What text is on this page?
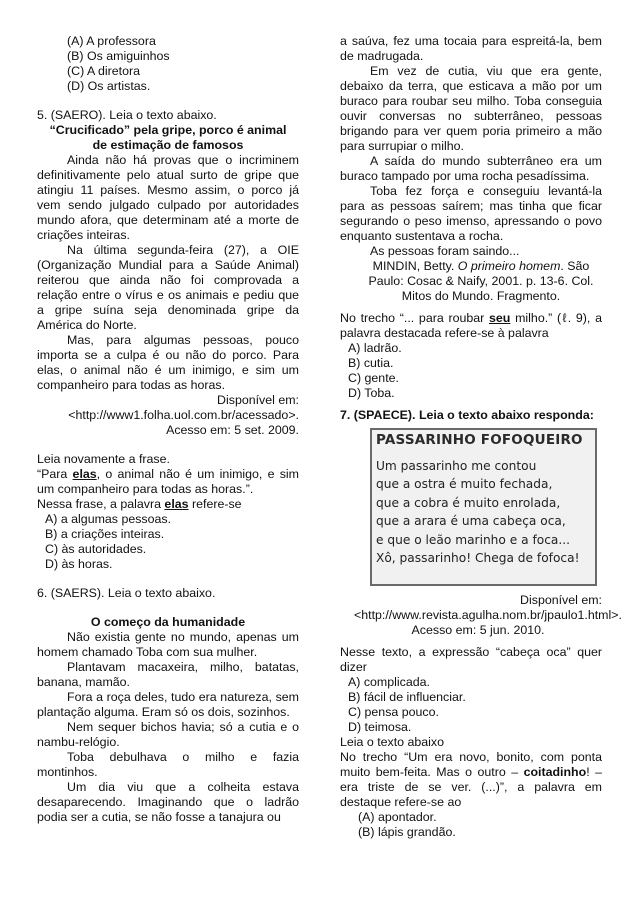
(A) A professora

(B) Os amiguinhos

(C) A diretora

(D) Os artistas.

5. (SAERO). Leia o texto abaixo.

“Crucificado” pela gripe, porco é animal

de estimação de famosos

Ainda não há provas que o incriminem definitivamente pelo atual surto de gripe que atingiu 11 países. Mesmo assim, o porco já vem sendo julgado culpado por autoridades mundo afora, que determinam até a morte de criações inteiras.

Na última segunda-feira (27), a OIE (Organização Mundial para a Saúde Animal) reiterou que ainda não foi comprovada a relação entre o vírus e os animais e pediu que a gripe suína seja denominada gripe da América do Norte.

Mas, para algumas pessoas, pouco importa se a culpa é ou não do porco. Para elas, o animal não é um inimigo, e sim um companheiro para todas as horas.

Disponível em:

<http://www1.folha.uol.com.br/acessado>.

Acesso em: 5 set. 2009.

Leia novamente a frase.

“Para elas, o animal não é um inimigo, e sim um companheiro para todas as horas.”.

Nessa frase, a palavra elas refere-se

A) a algumas pessoas.

B) a criações inteiras.

C) às autoridades.

D) às horas.

6. (SAERS). Leia o texto abaixo.

O começo da humanidade

Não existia gente no mundo, apenas um homem chamado Toba com sua mulher.

Plantavam macaxeira, milho, batatas, banana, mamão.

Fora a roça deles, tudo era natureza, sem plantação alguma. Eram só os dois, sozinhos.

Nem sequer bichos havia; só a cutia e o nambu-relógio.

Toba debulhava o milho e fazia montinhos.

Um dia viu que a colheita estava desaparecendo. Imaginando que o ladrão podia ser a cutia, se não fosse a tanajura ou

a saúva, fez uma tocaia para espreitá-la, bem de madrugada.

Em vez de cutia, viu que era gente, debaixo da terra, que esticava a mão por um buraco para roubar seu milho. Toba conseguia ouvir conversas no subterrâneo, pessoas brigando para ver quem poria primeiro a mão para surrupiar o milho.

A saída do mundo subterrâneo era um buraco tampado por uma rocha pesadíssima.

Toba fez força e conseguiu levantá-la para as pessoas saírem; mas tinha que ficar segurando o peso imenso, apressando o povo enquanto sustentava a rocha.

As pessoas foram saindo...

MINDIN, Betty. O primeiro homem. São Paulo: Cosac & Naify, 2001. p. 13-6. Col.

Mitos do Mundo. Fragmento.

No trecho “... para roubar seu milho.” (ℓ. 9), a palavra destacada refere-se à palavra

A) ladrão.

B) cutia.

C) gente.

D) Toba.

7. (SPAECE). Leia o texto abaixo responda:

PASSARINHO FOFOQUEIRO
Um passarinho me contou
que a ostra é muito fechada,
que a cobra é muito enrolada,
que a arara é uma cabeça oca,
e que o leão marinho e a foca...
Xô, passarinho! Chega de fofoca!

Disponível em:

<http://www.revista.agulha.nom.br/jpaulo1.html>. Acesso em: 5 jun. 2010.

Nesse texto, a expressão “cabeça oca” quer dizer

A) complicada.

B) fácil de influenciar.

C) pensa pouco.

D) teimosa.

Leia o texto abaixo

No trecho “Um era novo, bonito, com ponta muito bem-feita. Mas o outro – coitadinho! – era triste de se ver. (...)”, a palavra em destaque refere-se ao

(A) apontador.

(B) lápis grandão.
